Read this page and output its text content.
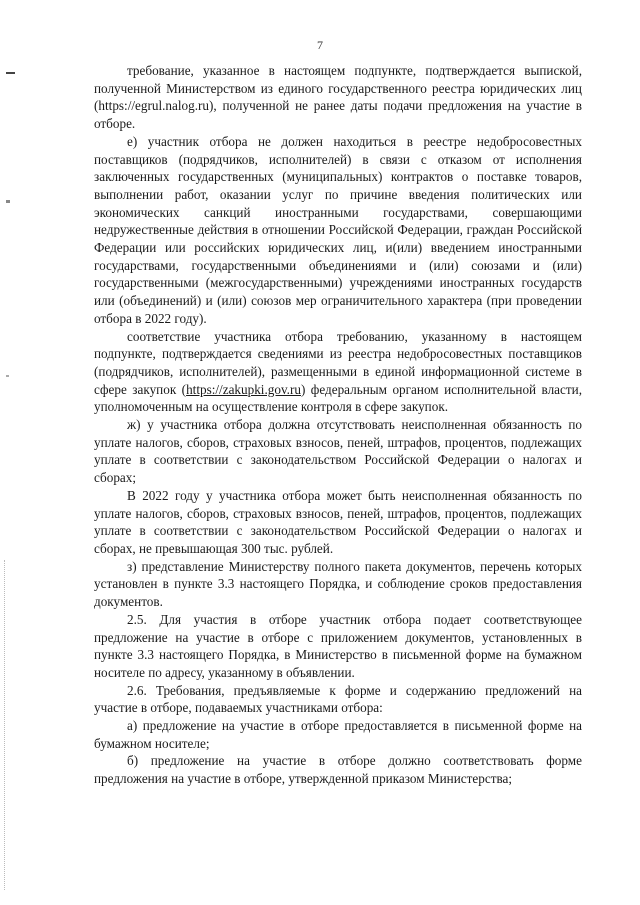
7

требование, указанное в настоящем подпункте, подтверждается выпиской, полученной Министерством из единого государственного реестра юридических лиц (https://egrul.nalog.ru), полученной не ранее даты подачи предложения на участие в отборе.

е) участник отбора не должен находиться в реестре недобросовестных поставщиков (подрядчиков, исполнителей) в связи с отказом от исполнения заключенных государственных (муниципальных) контрактов о поставке товаров, выполнении работ, оказании услуг по причине введения политических или экономических санкций иностранными государствами, совершающими недружественные действия в отношении Российской Федерации, граждан Российской Федерации или российских юридических лиц, и(или) введением иностранными государствами, государственными объединениями и (или) союзами и (или) государственными (межгосударственными) учреждениями иностранных государств или (объединений) и (или) союзов мер ограничительного характера (при проведении отбора в 2022 году).

соответствие участника отбора требованию, указанному в настоящем подпункте, подтверждается сведениями из реестра недобросовестных поставщиков (подрядчиков, исполнителей), размещенными в единой информационной системе в сфере закупок (https://zakupki.gov.ru) федеральным органом исполнительной власти, уполномоченным на осуществление контроля в сфере закупок.

ж) у участника отбора должна отсутствовать неисполненная обязанность по уплате налогов, сборов, страховых взносов, пеней, штрафов, процентов, подлежащих уплате в соответствии с законодательством Российской Федерации о налогах и сборах;

В 2022 году у участника отбора может быть неисполненная обязанность по уплате налогов, сборов, страховых взносов, пеней, штрафов, процентов, подлежащих уплате в соответствии с законодательством Российской Федерации о налогах и сборах, не превышающая 300 тыс. рублей.

з) представление Министерству полного пакета документов, перечень которых установлен в пункте 3.3 настоящего Порядка, и соблюдение сроков предоставления документов.

2.5. Для участия в отборе участник отбора подает соответствующее предложение на участие в отборе с приложением документов, установленных в пункте 3.3 настоящего Порядка, в Министерство в письменной форме на бумажном носителе по адресу, указанному в объявлении.

2.6. Требования, предъявляемые к форме и содержанию предложений на участие в отборе, подаваемых участниками отбора:

а) предложение на участие в отборе предоставляется в письменной форме на бумажном носителе;

б) предложение на участие в отборе должно соответствовать форме предложения на участие в отборе, утвержденной приказом Министерства;
